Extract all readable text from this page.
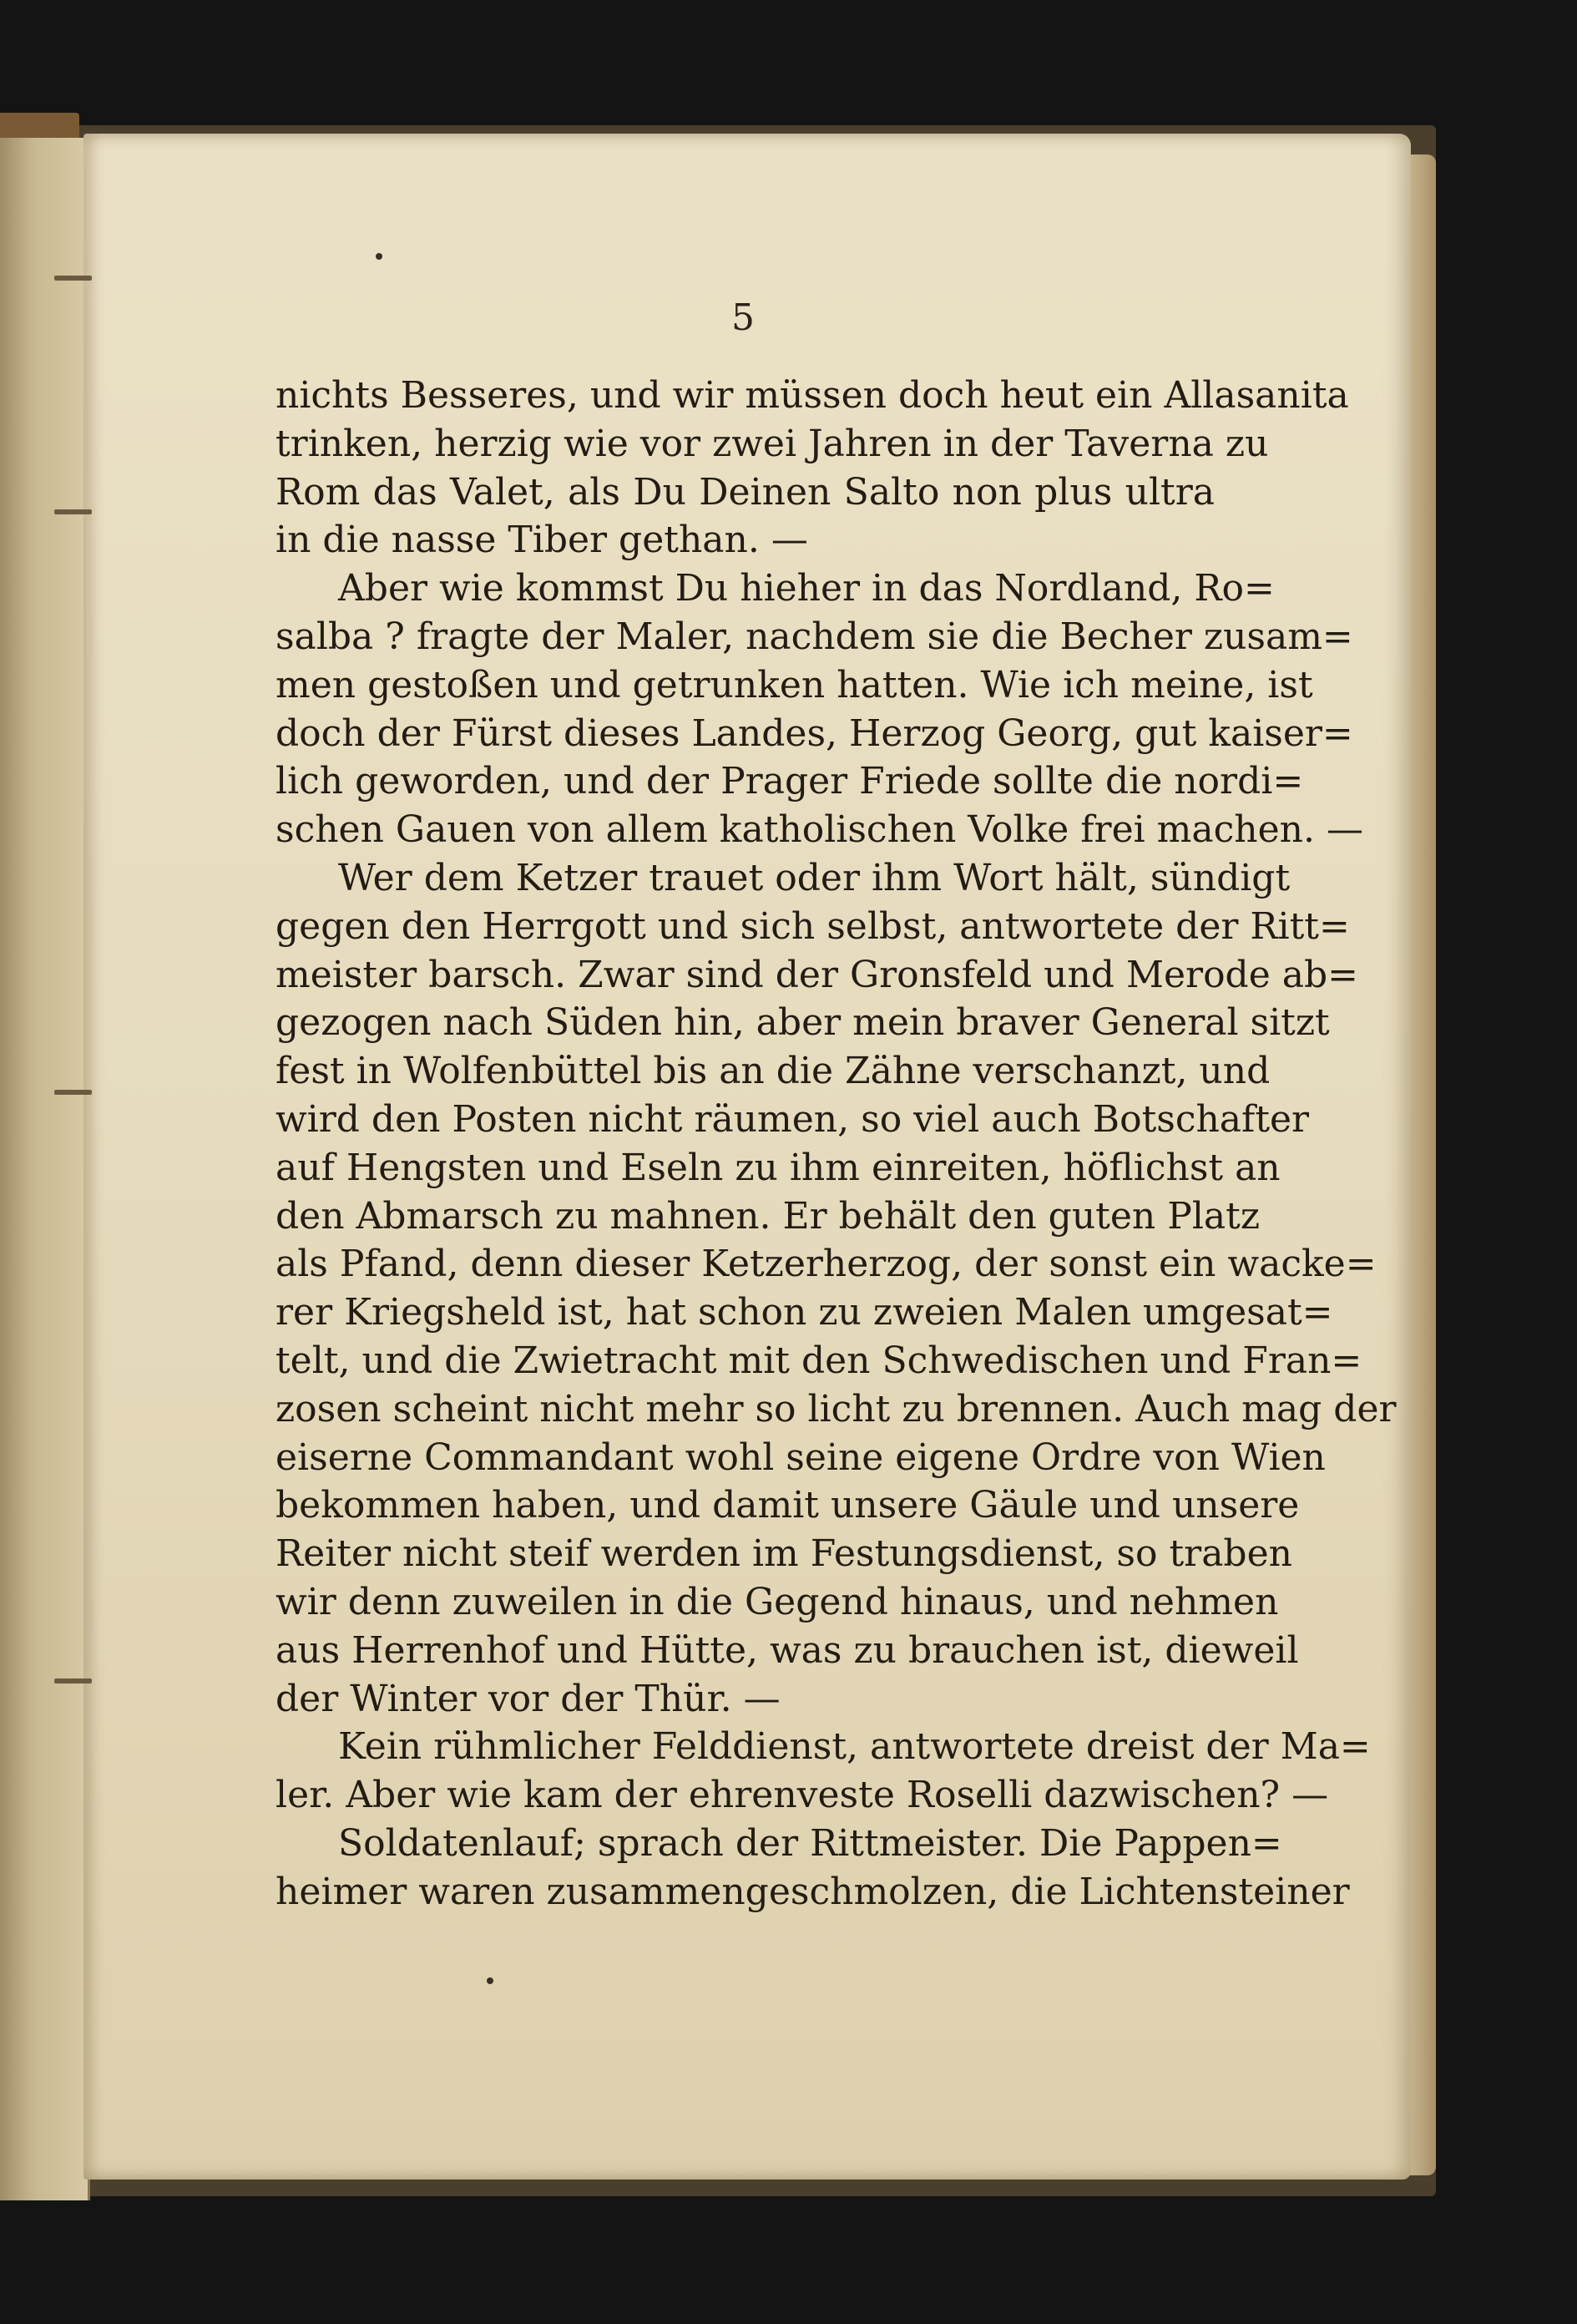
5
nichts Besseres, und wir müssen doch heut ein Allasanita
trinken, herzig wie vor zwei Jahren in der Taverna zu
Rom das Valet, als Du Deinen Salto non plus ultra
in die nasse Tiber gethan. —
Aber wie kommst Du hieher in das Nordland, Ro=
salba ? fragte der Maler, nachdem sie die Becher zusam=
men gestoßen und getrunken hatten. Wie ich meine, ist
doch der Fürst dieses Landes, Herzog Georg, gut kaiser=
lich geworden, und der Prager Friede sollte die nordi=
schen Gauen von allem katholischen Volke frei machen. —
Wer dem Ketzer trauet oder ihm Wort hält, sündigt
gegen den Herrgott und sich selbst, antwortete der Ritt=
meister barsch. Zwar sind der Gronsfeld und Merode ab=
gezogen nach Süden hin, aber mein braver General sitzt
fest in Wolfenbüttel bis an die Zähne verschanzt, und
wird den Posten nicht räumen, so viel auch Botschafter
auf Hengsten und Eseln zu ihm einreiten, höflichst an
den Abmarsch zu mahnen. Er behält den guten Platz
als Pfand, denn dieser Ketzerherzog, der sonst ein wacke=
rer Kriegsheld ist, hat schon zu zweien Malen umgesat=
telt, und die Zwietracht mit den Schwedischen und Fran=
zosen scheint nicht mehr so licht zu brennen. Auch mag der
eiserne Commandant wohl seine eigene Ordre von Wien
bekommen haben, und damit unsere Gäule und unsere
Reiter nicht steif werden im Festungsdienst, so traben
wir denn zuweilen in die Gegend hinaus, und nehmen
aus Herrenhof und Hütte, was zu brauchen ist, dieweil
der Winter vor der Thür. —
Kein rühmlicher Felddienst, antwortete dreist der Ma=
ler. Aber wie kam der ehrenveste Roselli dazwischen? —
Soldatenlauf; sprach der Rittmeister. Die Pappen=
heimer waren zusammengeschmolzen, die Lichtensteiner
